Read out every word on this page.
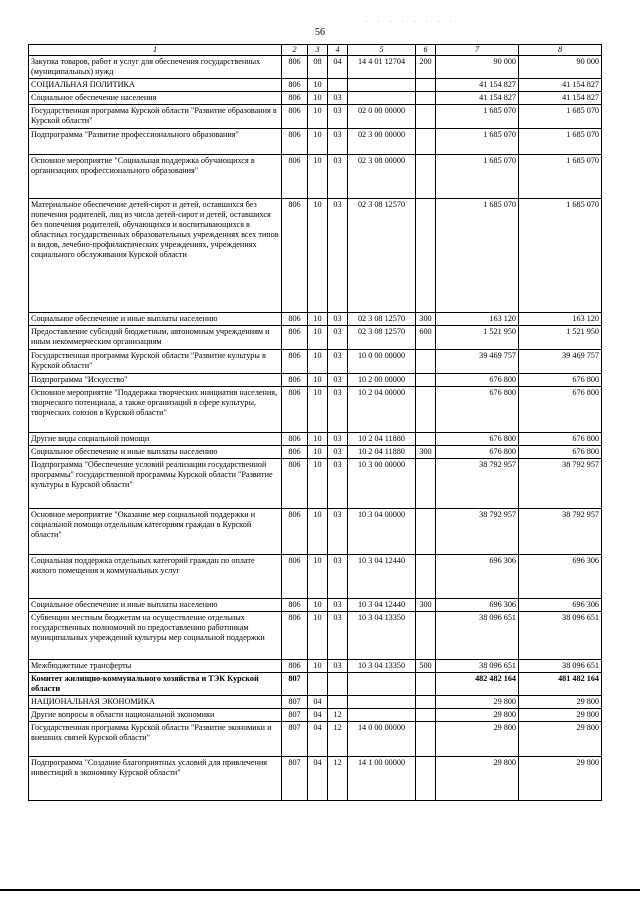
· · · · · · · ·
56
1	2	3	4	5	6	7	8
Закупка товаров, работ и услуг для обеспечения государственных (муниципальных) нужд	806	08	04	14 4 01 12704	200	90 000	90 000
СОЦИАЛЬНАЯ ПОЛИТИКА	806	10				41 154 827	41 154 827
Социальное обеспечение населения	806	10	03			41 154 827	41 154 827
Государственная программа Курской области "Развитие образования в Курской области"	806	10	03	02 0 00 00000		1 685 070	1 685 070
Подпрограмма "Развитие профессионального образования"	806	10	03	02 3 00 00000		1 685 070	1 685 070
Основное мероприятие "Социальная поддержка обучающихся в организациях профессионального образования"	806	10	03	02 3 08 00000		1 685 070	1 685 070
Материальное обеспечение детей-сирот и детей, оставшихся без попечения родителей, лиц из числа детей-сирот и детей, оставшихся без попечения родителей, обучающихся и воспитывающихся в областных государственных образовательных учреждениях всех типов и видов, лечебно-профилактических учреждениях, учреждениях социального обслуживания Курской области	806	10	03	02 3 08 12570		1 685 070	1 685 070
Социальное обеспечение и иные выплаты населению	806	10	03	02 3 08 12570	300	163 120	163 120
Предоставление субсидий бюджетным, автономным учреждениям и иным некоммерческим организациям	806	10	03	02 3 08 12570	600	1 521 950	1 521 950
Государственная программа Курской области "Развитие культуры в Курской области"	806	10	03	10 0 00 00000		39 469 757	39 469 757
Подпрограмма "Искусство"	806	10	03	10 2 00 00000		676 800	676 800
Основное мероприятие "Поддержка творческих инициатив населения, творческого потенциала, а также организаций в сфере культуры, творческих союзов в Курской области"	806	10	03	10 2 04 00000		676 800	676 800
Другие виды социальной помощи	806	10	03	10 2 04 11880		676 800	676 800
Социальное обеспечение и иные выплаты населению	806	10	03	10 2 04 11880	300	676 800	676 800
Подпрограмма "Обеспечение условий реализации государственной программы" государственной программы Курской области "Развитие культуры в Курской области"	806	10	03	10 3 00 00000		38 792 957	38 792 957
Основное мероприятие "Оказание мер социальной поддержки и социальной помощи отдельным категориям граждан в Курской области"	806	10	03	10 3 04 00000		38 792 957	38 792 957
Социальная поддержка отдельных категорий граждан по оплате жилого помещения и коммунальных услуг	806	10	03	10 3 04 12440		696 306	696 306
Социальное обеспечение и иные выплаты населению	806	10	03	10 3 04 12440	300	696 306	696 306
Субвенции местным бюджетам на осуществление отдельных государственных полномочий по предоставлению работникам муниципальных учреждений культуры мер социальной поддержки	806	10	03	10 3 04 13350		38 096 651	38 096 651
Межбюджетные трансферты	806	10	03	10 3 04 13350	500	38 096 651	38 096 651
Комитет жилищно-коммунального хозяйства и ТЭК Курской области	807					482 482 164	481 482 164
НАЦИОНАЛЬНАЯ ЭКОНОМИКА	807	04				29 800	29 800
Другие вопросы в области национальной экономики	807	04	12			29 800	29 800
Государственная программа Курской области "Развитие экономики и внешних связей Курской области"	807	04	12	14 0 00 00000		29 800	29 800
Подпрограмма "Создание благоприятных условий для привлечения инвестиций в экономику Курской области"	807	04	12	14 1 00 00000		29 800	29 800
